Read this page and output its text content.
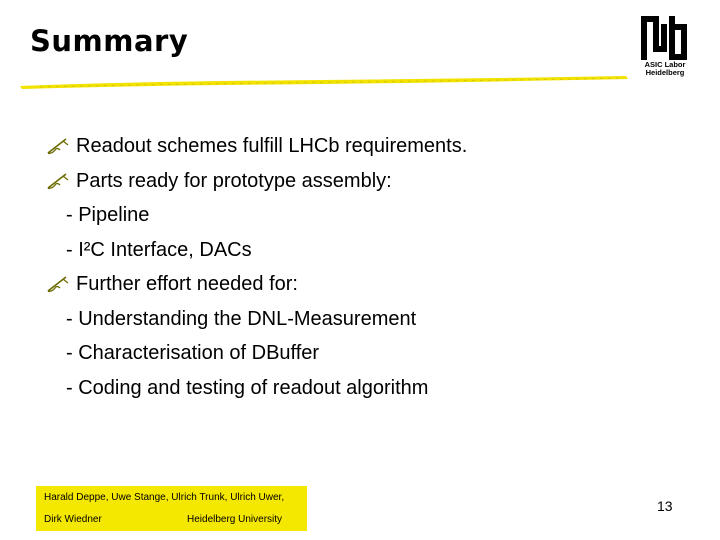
Summary
ASIC Labor
Heidelberg
Readout schemes fulfill LHCb requirements.
Parts ready for prototype assembly:
- Pipeline
- I²C Interface, DACs
Further effort needed for:
- Understanding the DNL-Measurement
- Characterisation of DBuffer
- Coding and testing of readout algorithm
Harald Deppe, Uwe Stange, Ulrich Trunk, Ulrich Uwer,
Dirk Wiedner	Heidelberg University
13
